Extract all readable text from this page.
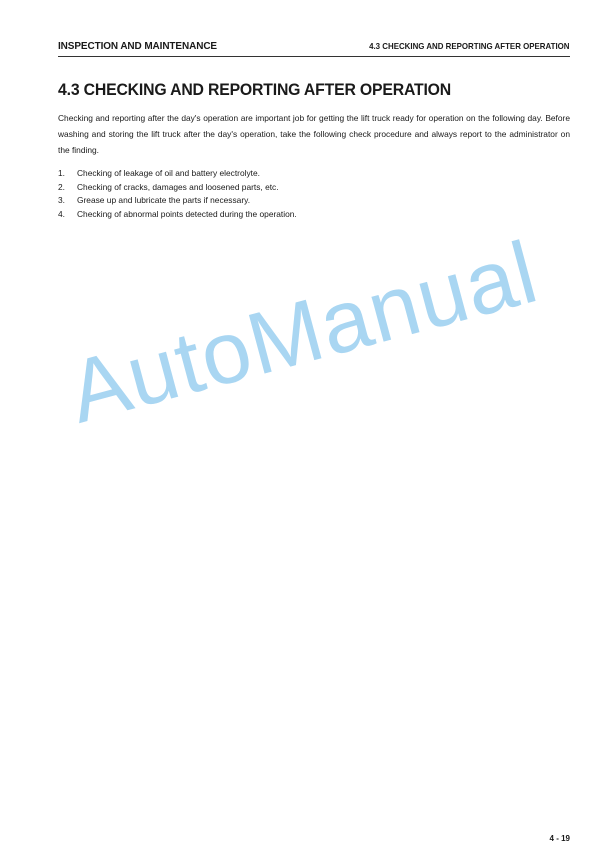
INSPECTION AND MAINTENANCE	4.3 CHECKING AND REPORTING AFTER OPERATION
4.3 CHECKING AND REPORTING AFTER OPERATION

Checking and reporting after the day's operation are important job for getting the lift truck ready for operation on the following day. Before washing and storing the lift truck after the day's operation, take the following check procedure and always report to the administrator on the finding.

1.	Checking of leakage of oil and battery electrolyte.
2.	Checking of cracks, damages and loosened parts, etc.
3.	Grease up and lubricate the parts if necessary.
4.	Checking of abnormal points detected during the operation.
AutoManual
4 - 19
